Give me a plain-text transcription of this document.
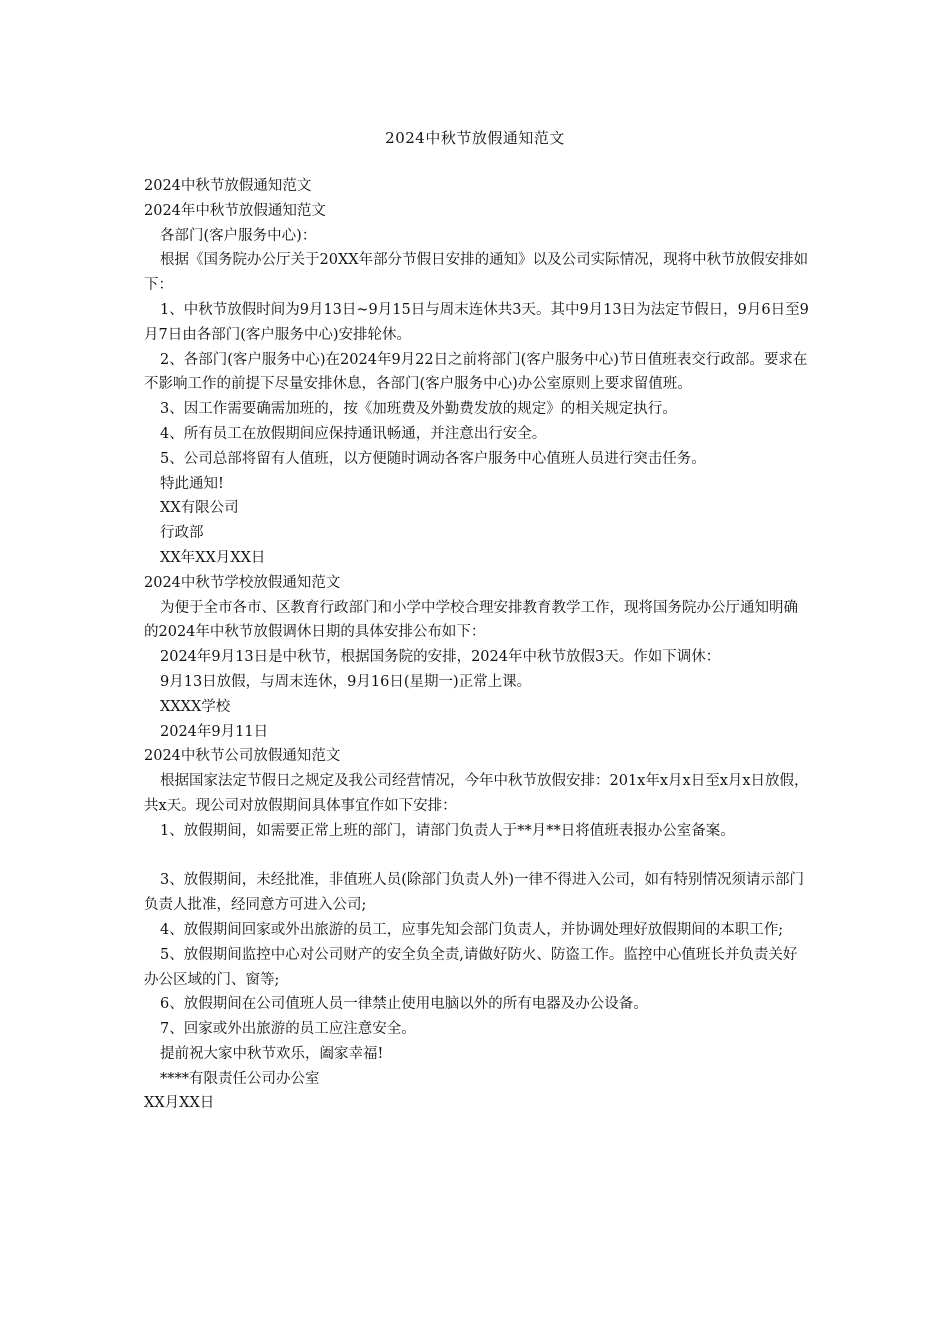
2024中秋节放假通知范文

2024中秋节放假通知范文

2024年中秋节放假通知范文

各部门(客户服务中心)：

根据《国务院办公厅关于20XX年部分节假日安排的通知》以及公司实际情况，现将中秋节放假安排如下：

1、中秋节放假时间为9月13日~9月15日与周末连休共3天。其中9月13日为法定节假日，9月6日至9月7日由各部门(客户服务中心)安排轮休。

2、各部门(客户服务中心)在2024年9月22日之前将部门(客户服务中心)节日值班表交行政部。要求在不影响工作的前提下尽量安排休息，各部门(客户服务中心)办公室原则上要求留值班。

3、因工作需要确需加班的，按《加班费及外勤费发放的规定》的相关规定执行。

4、所有员工在放假期间应保持通讯畅通，并注意出行安全。

5、公司总部将留有人值班，以方便随时调动各客户服务中心值班人员进行突击任务。

特此通知!

XX有限公司

行政部

XX年XX月XX日

2024中秋节学校放假通知范文

为便于全市各市、区教育行政部门和小学中学校合理安排教育教学工作，现将国务院办公厅通知明确的2024年中秋节放假调休日期的具体安排公布如下：

2024年9月13日是中秋节，根据国务院的安排，2024年中秋节放假3天。作如下调休：

9月13日放假，与周末连休，9月16日(星期一)正常上课。

XXXX学校

2024年9月11日

2024中秋节公司放假通知范文

根据国家法定节假日之规定及我公司经营情况，今年中秋节放假安排：201x年x月x日至x月x日放假，共x天。现公司对放假期间具体事宜作如下安排：

1、放假期间，如需要正常上班的部门，请部门负责人于**月**日将值班表报办公室备案。

3、放假期间，未经批准，非值班人员(除部门负责人外)一律不得进入公司，如有特别情况须请示部门负责人批准，经同意方可进入公司;

4、放假期间回家或外出旅游的员工，应事先知会部门负责人，并协调处理好放假期间的本职工作;

5、放假期间监控中心对公司财产的安全负全责,请做好防火、防盗工作。监控中心值班长并负责关好办公区域的门、窗等;

6、放假期间在公司值班人员一律禁止使用电脑以外的所有电器及办公设备。

7、回家或外出旅游的员工应注意安全。

提前祝大家中秋节欢乐，阖家幸福!

****有限责任公司办公室

XX月XX日
